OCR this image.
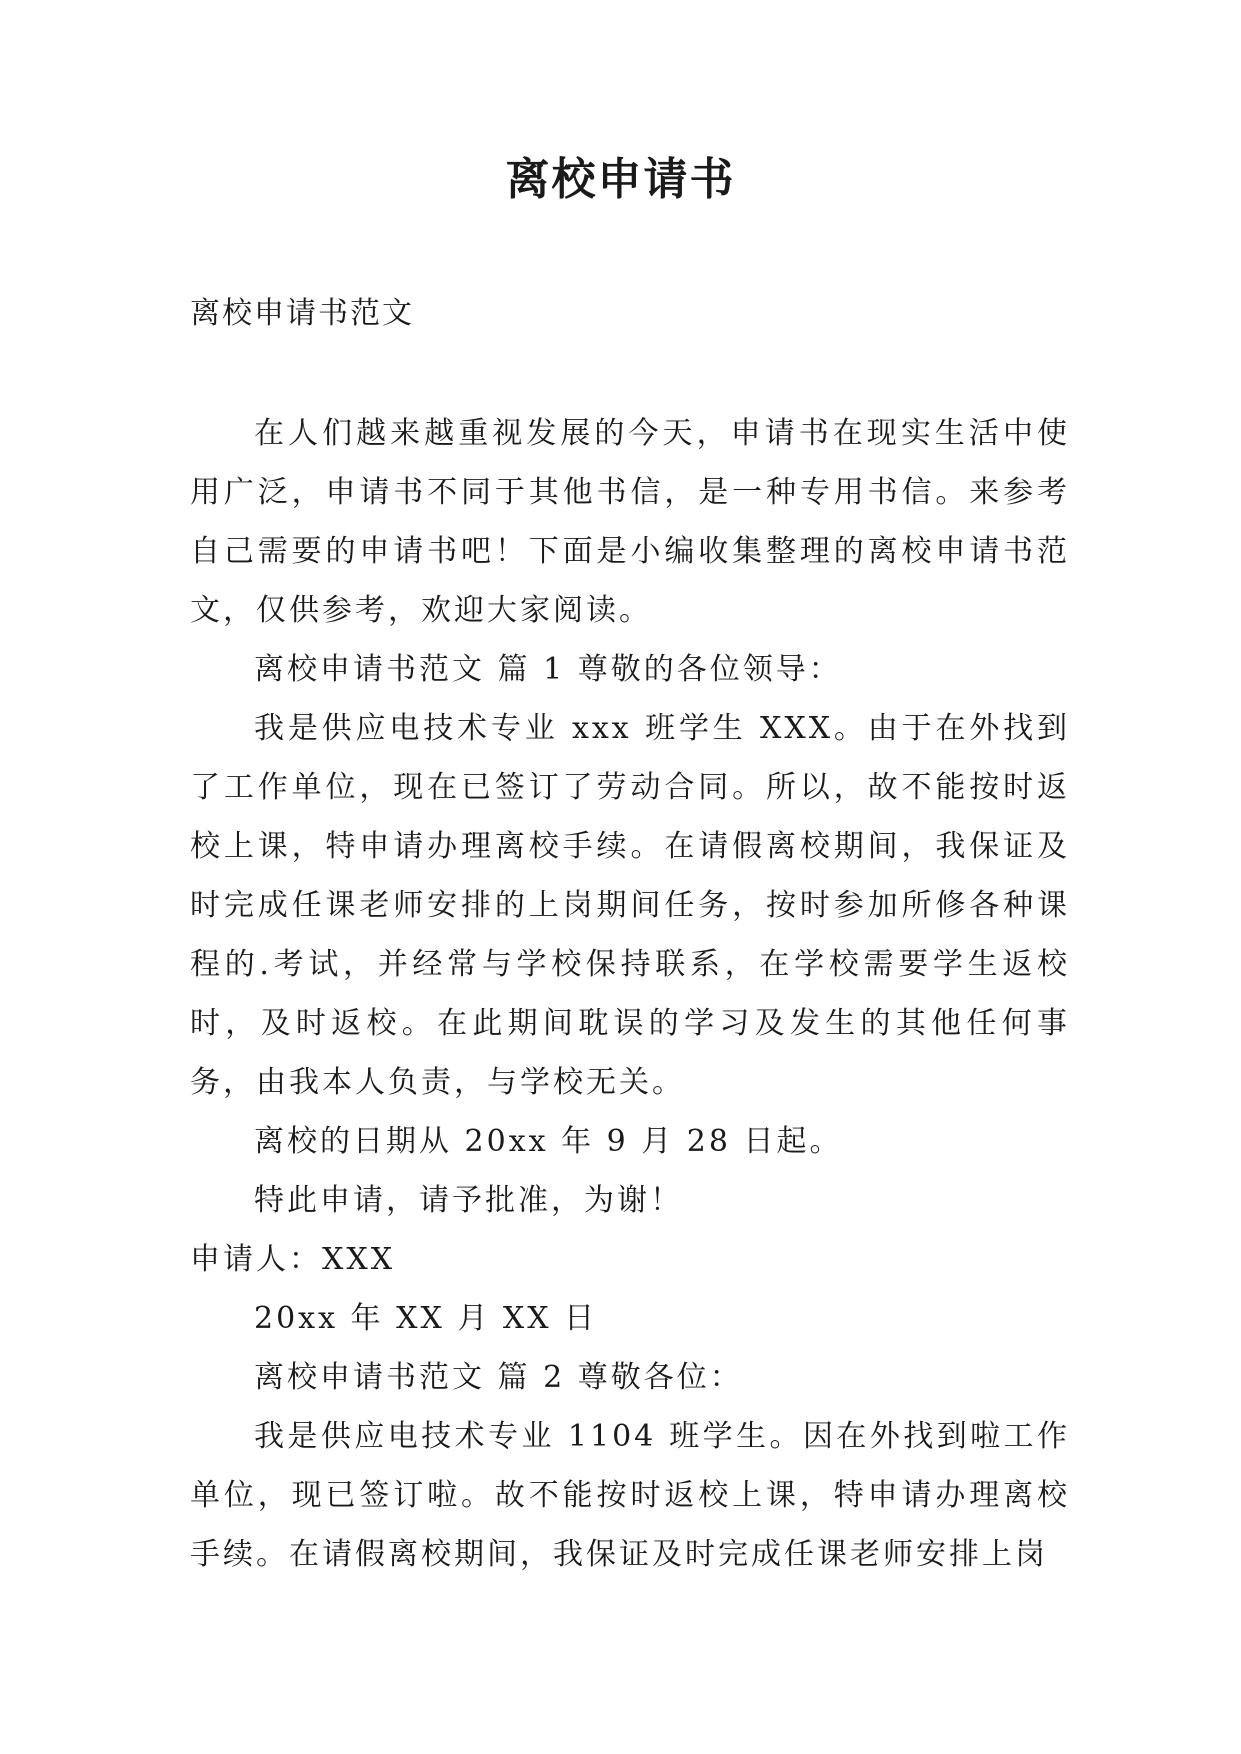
离校申请书

离校申请书范文

在人们越来越重视发展的今天，申请书在现实生活中使用广泛，申请书不同于其他书信，是一种专用书信。来参考自己需要的申请书吧！下面是小编收集整理的离校申请书范文，仅供参考，欢迎大家阅读。

离校申请书范文 篇 1 尊敬的各位领导：

我是供应电技术专业 xxx 班学生 XXX。由于在外找到了工作单位，现在已签订了劳动合同。所以，故不能按时返校上课，特申请办理离校手续。在请假离校期间，我保证及时完成任课老师安排的上岗期间任务，按时参加所修各种课程的.考试，并经常与学校保持联系，在学校需要学生返校时，及时返校。在此期间耽误的学习及发生的其他任何事务，由我本人负责，与学校无关。

离校的日期从 20xx 年 9 月 28 日起。

特此申请，请予批准，为谢！

申请人：XXX

20xx 年 XX 月 XX 日

离校申请书范文 篇 2 尊敬各位：

我是供应电技术专业 1104 班学生。因在外找到啦工作单位，现已签订啦。故不能按时返校上课，特申请办理离校手续。在请假离校期间，我保证及时完成任课老师安排上岗
